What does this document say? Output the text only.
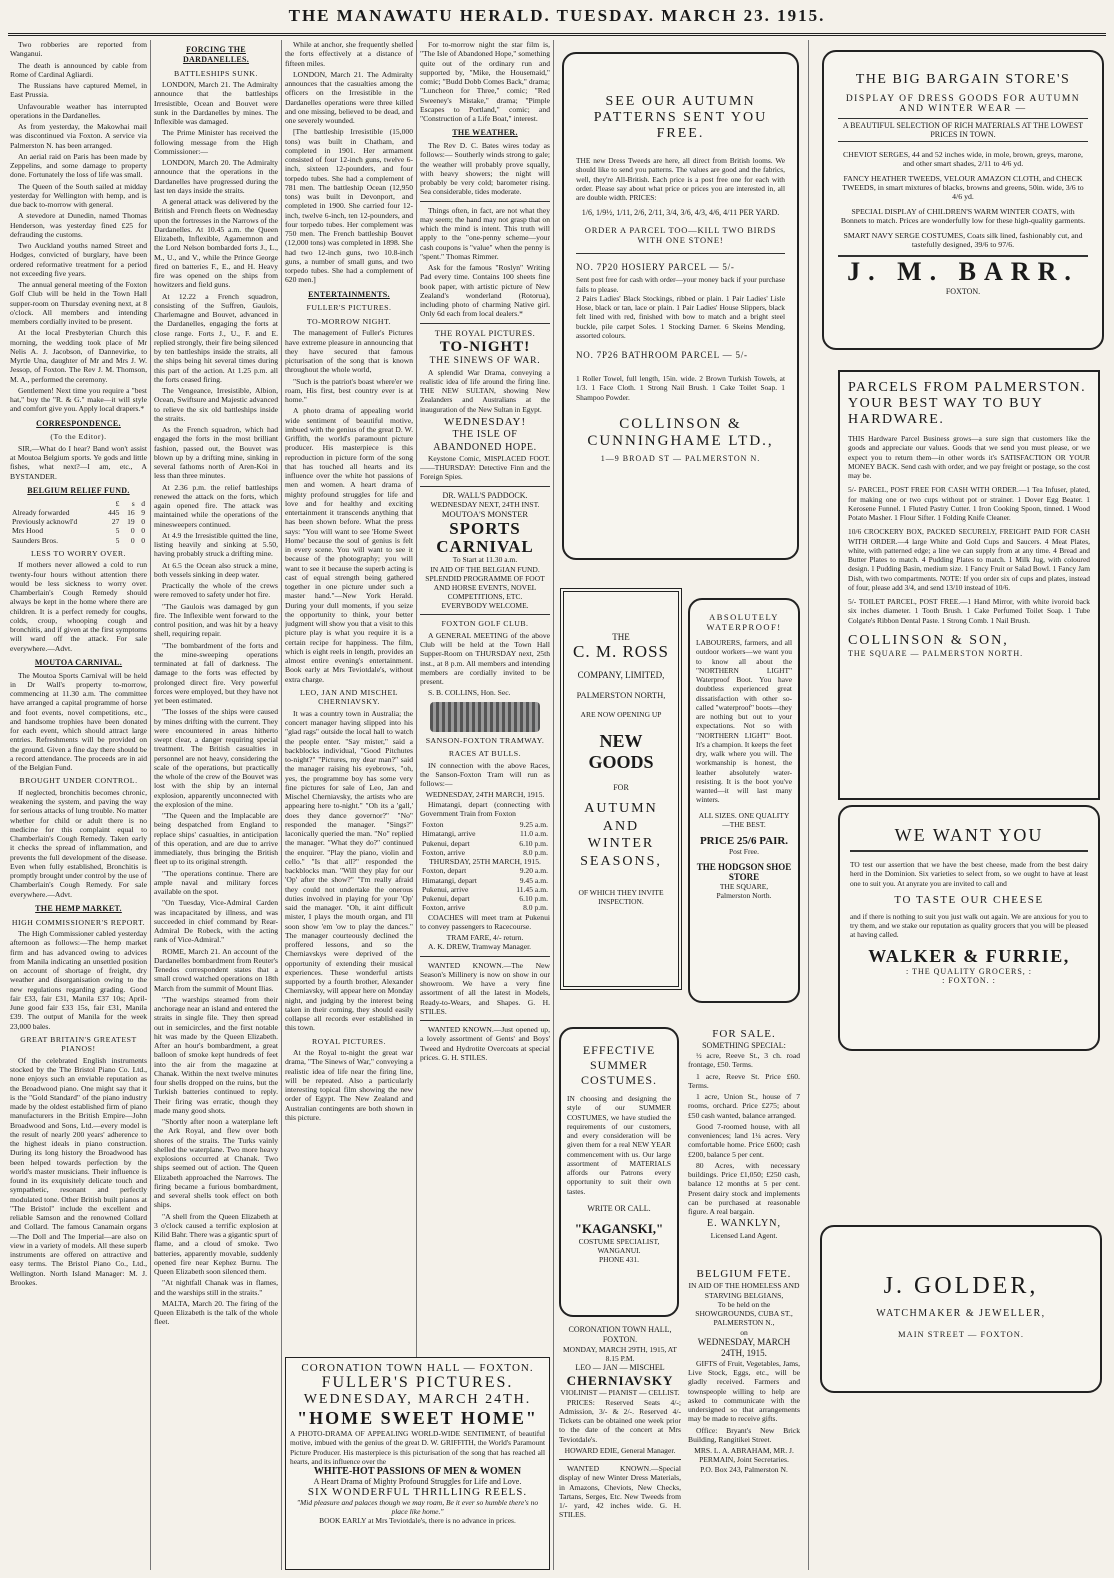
THE MANAWATU HERALD. TUESDAY. MARCH 23. 1915.

Two robberies are reported from Wanganui.

The death is announced by cable from Rome of Cardinal Agliardi.

The Russians have captured Memel, in East Prussia.

Unfavourable weather has interrupted operations in the Dardanelles.

As from yesterday, the Makowhai mail was discontinued via Foxton. A service via Palmerston N. has been arranged.

An aerial raid on Paris has been made by Zeppelins, and some damage to property done. Fortunately the loss of life was small.

The Queen of the South sailed at midday yesterday for Wellington with hemp, and is due back to-morrow with general.

A stevedore at Dunedin, named Thomas Henderson, was yesterday fined £25 for defrauding the customs.

Two Auckland youths named Street and Hodges, convicted of burglary, have been ordered reformative treatment for a period not exceeding five years.

The annual general meeting of the Foxton Golf Club will be held in the Town Hall supper-room on Thursday evening next, at 8 o'clock. All members and intending members cordially invited to be present.

At the local Presbyterian Church this morning, the wedding took place of Mr Nelis A. J. Jacobson, of Dannevirke, to Myrtle Una, daughter of Mr and Mrs J. W. Jessop, of Foxton. The Rev J. M. Thomson, M. A., performed the ceremony.

Gentlemen! Next time you require a "best hat," buy the "R. & G." make—it will style and comfort give you. Apply local drapers.*

CORRESPONDENCE.
(To the Editor).

SIR,—What do I hear? Band won't assist at Moutoa Belgium sports. Ye gods and little fishes, what next?—I am, etc., A BYSTANDER.

BELGIUM RELIEF FUND.
	£	s	d
Already forwarded	445	16	9
Previously acknowl'd	27	19	0
Mrs Hood	5	0	0
Saunders Bros.	5	0	0
LESS TO WORRY OVER.

If mothers never allowed a cold to run twenty-four hours without attention there would be less sickness to worry over. Chamberlain's Cough Remedy should always be kept in the home where there are children. It is a perfect remedy for coughs, colds, croup, whooping cough and bronchitis, and if given at the first symptoms will ward off the attack. For sale everywhere.—Advt.

MOUTOA CARNIVAL.

The Moutoa Sports Carnival will be held in Dr Wall's property to-morrow, commencing at 11.30 a.m. The committee have arranged a capital programme of horse and foot events, novel competitions, etc., and handsome trophies have been donated for each event, which should attract large entries. Refreshments will be provided on the ground. Given a fine day there should be a record attendance. The proceeds are in aid of the Belgian Fund.

BROUGHT UNDER CONTROL.

If neglected, bronchitis becomes chronic, weakening the system, and paving the way for serious attacks of lung trouble. No matter whether for child or adult there is no medicine for this complaint equal to Chamberlain's Cough Remedy. Taken early it checks the spread of inflammation, and prevents the full development of the disease. Even when fully established, Bronchitis is promptly brought under control by the use of Chamberlain's Cough Remedy. For sale everywhere.—Advt.

THE HEMP MARKET.
HIGH COMMISSIONER'S REPORT.

The High Commissioner cabled yesterday afternoon as follows:—The hemp market firm and has advanced owing to advices from Manila indicating an unsettled position on account of shortage of freight, dry weather and disorganisation owing to the new regulations regarding grading. Good fair £33, fair £31, Manila £37 10s; April-June good fair £33 15s, fair £31, Manila £39. The output of Manila for the week 23,000 bales.

GREAT BRITAIN'S GREATEST PIANOS!

Of the celebrated English instruments stocked by the The Bristol Piano Co. Ltd., none enjoys such an enviable reputation as the Broadwood piano. One might say that it is the "Gold Standard" of the piano industry made by the oldest established firm of piano manufacturers in the British Empire—John Broadwood and Sons, Ltd.—every model is the result of nearly 200 years' adherence to the highest ideals in piano construction. During its long history the Broadwood has been helped towards perfection by the world's master musicians. Their influence is found in its exquisitely delicate touch and sympathetic, resonant and perfectly modulated tone. Other British built pianos at "The Bristol" include the excellent and reliable Samson and the renowned Collard and Collard. The famous Canamain organs—The Doll and The Imperial—are also on view in a variety of models. All these superb instruments are offered on attractive and easy terms. The Bristol Piano Co., Ltd., Wellington. North Island Manager: M. J. Brookes.

FORCING THE DARDANELLES.
BATTLESHIPS SUNK.

LONDON, March 21. The Admiralty announce that the battleships Irresistible, Ocean and Bouvet were sunk in the Dardanelles by mines. The Inflexible was damaged.

The Prime Minister has received the following message from the High Commissioner:—

LONDON, March 20. The Admiralty announce that the operations in the Dardanelles have progressed during the last ten days inside the straits.

A general attack was delivered by the British and French fleets on Wednesday upon the fortresses in the Narrows of the Dardanelles. At 10.45 a.m. the Queen Elizabeth, Inflexible, Agamemnon and the Lord Nelson bombarded forts J., L., M., U., and V., while the Prince George fired on batteries F., E., and H. Heavy fire was opened on the ships from howitzers and field guns.

At 12.22 a French squadron, consisting of the Suffren, Gaulois, Charlemagne and Bouvet, advanced in the Dardanelles, engaging the forts at close range. Forts J., U., F. and E. replied strongly, their fire being silenced by ten battleships inside the straits, all the ships being hit several times during this part of the action. At 1.25 p.m. all the forts ceased firing.

The Vengeance, Irresistible, Albion, Ocean, Swiftsure and Majestic advanced to relieve the six old battleships inside the straits.

As the French squadron, which had engaged the forts in the most brilliant fashion, passed out, the Bouvet was blown up by a drifting mine, sinking in several fathoms north of Aren-Koi in less than three minutes.

At 2.36 p.m. the relief battleships renewed the attack on the forts, which again opened fire. The attack was maintained while the operations of the minesweepers continued.

At 4.9 the Irresistible quitted the line, listing heavily and sinking at 5.50, having probably struck a drifting mine.

At 6.5 the Ocean also struck a mine, both vessels sinking in deep water.

Practically the whole of the crews were removed to safety under hot fire.

"The Gaulois was damaged by gun fire. The Inflexible went forward to the control position, and was hit by a heavy shell, requiring repair.

"The bombardment of the forts and the mine-sweeping operations terminated at fall of darkness. The damage to the forts was effected by prolonged direct fire. Very powerful forces were employed, but they have not yet been estimated.

"The losses of the ships were caused by mines drifting with the current. They were encountered in areas hitherto swept clear, a danger requiring special treatment. The British casualties in personnel are not heavy, considering the scale of the operations, but practically the whole of the crew of the Bouvet was lost with the ship by an internal explosion, apparently unconnected with the explosion of the mine.

"The Queen and the Implacable are being despatched from England to replace ships' casualties, in anticipation of this operation, and are due to arrive immediately, thus bringing the British fleet up to its original strength.

"The operations continue. There are ample naval and military forces available on the spot.

"On Tuesday, Vice-Admiral Carden was incapacitated by illness, and was succeeded in chief command by Rear-Admiral De Robeck, with the acting rank of Vice-Admiral."

ROME, March 21. An account of the Dardanelles bombardment from Reuter's Tenedos correspondent states that a small crowd watched operations on 18th March from the summit of Mount Ilias.

"The warships steamed from their anchorage near an island and entered the straits in single file. They then spread out in semicircles, and the first notable hit was made by the Queen Elizabeth. After an hour's bombardment, a great balloon of smoke kept hundreds of feet into the air from the magazine at Chanak. Within the next twelve minutes four shells dropped on the ruins, but the Turkish batteries continued to reply. Their firing was erratic, though they made many good shots.

"Shortly after noon a waterplane left the Ark Royal, and flew over both shores of the straits. The Turks vainly shelled the waterplane. Two more heavy explosions occurred at Chanak. Two ships seemed out of action. The Queen Elizabeth approached the Narrows. The firing became a furious bombardment, and several shells took effect on both ships.

"A shell from the Queen Elizabeth at 3 o'clock caused a terrific explosion at Kilid Bahr. There was a gigantic spurt of flame, and a cloud of smoke. Two batteries, apparently movable, suddenly opened fire near Kephez Burnu. The Queen Elizabeth soon silenced them.

"At nightfall Chanak was in flames, and the warships still in the straits."

MALTA, March 20. The firing of the Queen Elizabeth is the talk of the whole fleet.

While at anchor, she frequently shelled the forts effectively at a distance of fifteen miles.

LONDON, March 21. The Admiralty announces that the casualties among the officers on the Irresistible in the Dardanelles operations were three killed and one missing, believed to be dead, and one severely wounded.

[The battleship Irresistible (15,000 tons) was built in Chatham, and completed in 1901. Her armament consisted of four 12-inch guns, twelve 6-inch, sixteen 12-pounders, and four torpedo tubes. She had a complement of 781 men. The battleship Ocean (12,950 tons) was built in Devonport, and completed in 1900. She carried four 12-inch, twelve 6-inch, ten 12-pounders, and four torpedo tubes. Her complement was 750 men. The French battleship Bouvet (12,000 tons) was completed in 1898. She had two 12-inch guns, two 10.8-inch guns, a number of small guns, and two torpedo tubes. She had a complement of 620 men.]

ENTERTAINMENTS.
FULLER'S PICTURES.
TO-MORROW NIGHT.

The management of Fuller's Pictures have extreme pleasure in announcing that they have secured that famous picturisation of the song that is known throughout the whole world,

"Such is the patriot's boast where'er we roam, His first, best country ever is at home."

A photo drama of appealing world wide sentiment of beautiful motive, imbued with the genius of the great D. W. Griffith, the world's paramount picture producer. His masterpiece is this reproduction in picture form of the song that has touched all hearts and its influence over the white hot passions of men and women. A heart drama of mighty profound struggles for life and love and for healthy and exciting entertainment it transcends anything that has been shown before. What the press says: "You will want to see 'Home Sweet Home' because the soul of genius is felt in every scene. You will want to see it because of the photography; you will want to see it because the superb acting is cast of equal strength being gathered together in one picture under such a master hand."—New York Herald. During your dull moments, if you seize the opportunity to think, your better judgment will show you that a visit to this picture play is what you require it is a certain recipe for happiness. The film, which is eight reels in length, provides an almost entire evening's entertainment. Book early at Mrs Teviotdale's, without extra charge.

LEO, JAN AND MISCHEL CHERNIAVSKY.

It was a country town in Australia; the concert manager having slipped into his "glad rags" outside the local hall to watch the people enter. "Say mister," said a backblocks individual, "Good Pitchutes to-night?" "Pictures, my dear man?" said the manager raising his eyebrows, "oh, yes, the programme boy has some very fine pictures for sale of Leo, Jan and Mischel Cherniavsky, the artists who are appearing here to-night." "Oh its a 'gall,' does they dance governor?" "No" responded the manager. "Sings?" laconically queried the man. "No" replied the manager. "What they do?" continued the enquirer. "Play the piano, violin and cello." "Is that all?" responded the backblocks man. "Will they play for our 'Op' after the show?" "I'm really afraid they could not undertake the onerous duties involved in playing for your 'Op' said the manager. "Oh, it aint difficult mister, I plays the mouth organ, and I'll soon show 'em 'ow to play the dances." The manager courteously declined the proffered lessons, and so the Cherniavskys were deprived of the opportunity of extending their musical experiences. These wonderful artists supported by a fourth brother, Alexander Cherniavsky, will appear here on Monday night, and judging by the interest being taken in their coming, they should easily collapse all records ever established in this town.

ROYAL PICTURES.

At the Royal to-night the great war drama, "The Sinews of War," conveying a realistic idea of life near the firing line, will be repeated. Also a particularly interesting topical film showing the new order of Egypt. The New Zealand and Australian contingents are both shown in this picture.

For to-morrow night the star film is, "The Isle of Abandoned Hope," something quite out of the ordinary run and supported by, "Mike, the Housemaid," comic; "Budd Dobb Comes Back," drama; "Luncheon for Three," comic; "Red Sweeney's Mistake," drama; "Pimple Escapes to Portland," comic; and "Construction of a Life Boat," interest.

THE WEATHER.

The Rev D. C. Bates wires today as follows:— Southerly winds strong to gale; the weather will probably prove squally, with heavy showers; the night will probably be very cold; barometer rising. Sea considerable, tides moderate.

Things often, in fact, are not what they may seem; the hand may not grasp that on which the mind is intent. This truth will apply to the "one-penny scheme—your cash coupons is "value" when the penny is "spent." Thomas Rimmer.

Ask for the famous "Roslyn" Writing Pad every time. Contains 100 sheets fine book paper, with artistic picture of New Zealand's wonderland (Rotorua), including photo of charming Native girl. Only 6d each from local dealers.*

THE ROYAL PICTURES.
TO-NIGHT!
THE SINEWS OF WAR.

A splendid War Drama, conveying a realistic idea of life around the firing line. THE NEW SULTAN, showing New Zealanders and Australians at the inauguration of the New Sultan in Egypt.

WEDNESDAY!
THE ISLE OF ABANDONED HOPE.

Keystone Comic, MISPLACED FOOT.——THURSDAY: Detective Finn and the Foreign Spies.

DR. WALL'S PADDOCK.
WEDNESDAY NEXT, 24TH INST.
MOUTOA'S MONSTER
SPORTS CARNIVAL
To Start at 11.30 a.m.
IN AID OF THE BELGIAN FUND.
SPLENDID PROGRAMME OF FOOT AND HORSE EVENTS, NOVEL COMPETITIONS, ETC.
EVERYBODY WELCOME.
FOXTON GOLF CLUB.

A GENERAL MEETING of the above Club will be held at the Town Hall Supper-Room on THURSDAY next, 25th inst., at 8 p.m. All members and intending members are cordially invited to be present.

S. B. COLLINS, Hon. Sec.

SANSON-FOXTON TRAMWAY.
RACES AT BULLS.

IN connection with the above Races, the Sanson-Foxton Tram will run as follows:—

WEDNESDAY, 24TH MARCH, 1915.

Himatangi, depart (connecting with Government Train from Foxton

Foxton	9.25 a.m.
Himatangi, arrive	11.0 a.m.
Pukenui, depart	6.10 p.m.
Foxton, arrive	8.0 p.m.
THURSDAY, 25TH MARCH, 1915.
Foxton, depart	9.20 a.m.
Himatangi, depart	9.45 a.m.
Pukenui, arrive	11.45 a.m.
Pukenui, depart	6.10 p.m.
Foxton, arrive	8.0 p.m.

COACHES will meet tram at Pukenui to convey passengers to Racecourse.

TRAM FARE, 4/- return.

A. K. DREW, Tramway Manager.

WANTED KNOWN.—The New Season's Millinery is now on show in our showroom. We have a very fine assortment of all the latest in Models, Ready-to-Wears, and Shapes. G. H. STILES.

WANTED KNOWN.—Just opened up, a lovely assortment of Gents' and Boys' Tweed and Hydrotite Overcoats at special prices. G. H. STILES.

CORONATION TOWN HALL — FOXTON.
FULLER'S PICTURES.
WEDNESDAY, MARCH 24TH.
"HOME SWEET HOME"

A PHOTO-DRAMA OF APPEALING WORLD-WIDE SENTIMENT, of beautiful motive, imbued with the genius of the great D. W. GRIFFITH, the World's Paramount Picture Producer. His masterpiece is this picturisation of the song that has reached all hearts, and its influence over the

WHITE-HOT PASSIONS OF MEN & WOMEN
A Heart Drama of Mighty Profound Struggles for Life and Love.
SIX WONDERFUL THRILLING REELS.
"Mid pleasure and palaces though we may roam, Be it ever so humble there's no place like home."
BOOK EARLY at Mrs Teviotdale's, there is no advance in prices.
SEE OUR AUTUMN PATTERNS SENT YOU FREE.

THE new Dress Tweeds are here, all direct from British looms. We should like to send you patterns. The values are good and the fabrics, well, they're All-British. Each price is a post free one for each with order. Please say about what price or prices you are interested in, all are double width. PRICES:

1/6, 1/9½, 1/11, 2/6, 2/11, 3/4, 3/6, 4/3, 4/6, 4/11 PER YARD.
ORDER A PARCEL TOO—KILL TWO BIRDS WITH ONE STONE!
NO. 7P20 HOSIERY PARCEL — 5/-

Sent post free for cash with order—your money back if your purchase fails to please.

2 Pairs Ladies' Black Stockings, ribbed or plain. 1 Pair Ladies' Lisle Hose, black or tan, lace or plain. 1 Pair Ladies' House Slippers, black felt lined with red, finished with bow to match and a bright steel buckle, pile carpet Soles. 1 Stocking Darner. 6 Skeins Mending, assorted colours.

NO. 7P26 BATHROOM PARCEL — 5/-

1 Roller Towel, full length, 15in. wide. 2 Brown Turkish Towels, at 1/3. 1 Face Cloth. 1 Strong Nail Brush. 1 Cake Toilet Soap. 1 Shampoo Powder.

COLLINSON & CUNNINGHAME LTD.,
1—9 BROAD ST — PALMERSTON N.
THE
C. M. ROSS
COMPANY, LIMITED,
PALMERSTON NORTH,
ARE NOW OPENING UP
NEW GOODS
FOR
AUTUMN AND WINTER SEASONS,
OF WHICH THEY INVITE INSPECTION.
ABSOLUTELY WATERPROOF!

LABOURERS, farmers, and all outdoor workers—we want you to know all about the "NORTHERN LIGHT" Waterproof Boot. You have doubtless experienced great dissatisfaction with other so-called "waterproof" boots—they are nothing but out to your expectations. Not so with "NORTHERN LIGHT" Boot. It's a champion. It keeps the feet dry, walk where you will. The workmanship is honest, the leather absolutely water-resisting. It is the boot you've wanted—it will last many winters.

ALL SIZES. ONE QUALITY—THE BEST.
PRICE 25/6 PAIR.
Post Free.
THE HODGSON SHOE STORE
THE SQUARE,
Palmerston North.
EFFECTIVE SUMMER COSTUMES.

IN choosing and designing the style of our SUMMER COSTUMES, we have studied the requirements of our customers, and every consideration will be given them for a real NEW YEAR commencement with us. Our large assortment of MATERIALS affords our Patrons every opportunity to suit their own tastes.

WRITE OR CALL.
"KAGANSKI,"
COSTUME SPECIALIST, WANGANUI.
PHONE 431.
CORONATION TOWN HALL, FOXTON.
MONDAY, MARCH 29TH, 1915, AT 8.15 P.M.
LEO — JAN — MISCHEL
CHERNIAVSKY
VIOLINIST — PIANIST — CELLIST.

PRICES: Reserved Seats 4/-; Admission, 3/- & 2/-. Reserved 4/- Tickets can be obtained one week prior to the date of the concert at Mrs Teviotdale's.

HOWARD EDIE, General Manager.

WANTED KNOWN.—Special display of new Winter Dress Materials, in Amazons, Cheviots, New Checks, Tartans, Serges, Etc. New Tweeds from 1/- yard, 42 inches wide. G. H. STILES.

THE BIG BARGAIN STORE'S
DISPLAY OF DRESS GOODS FOR AUTUMN AND WINTER WEAR —
A BEAUTIFUL SELECTION OF RICH MATERIALS AT THE LOWEST PRICES IN TOWN.
CHEVIOT SERGES, 44 and 52 inches wide, in mole, brown, greys, marone, and other smart shades, 2/11 to 4/6 yd.
FANCY HEATHER TWEEDS, VELOUR AMAZON CLOTH, and CHECK TWEEDS, in smart mixtures of blacks, browns and greens, 50in. wide, 3/6 to 4/6 yd.
SPECIAL DISPLAY of CHILDREN'S WARM WINTER COATS, with Bonnets to match. Prices are wonderfully low for these high-quality garments.
SMART NAVY SERGE COSTUMES, Coats silk lined, fashionably cut, and tastefully designed, 39/6 to 97/6.
J. M. BARR.
FOXTON.
PARCELS FROM PALMERSTON.
YOUR BEST WAY TO BUY HARDWARE.

THIS Hardware Parcel Business grows—a sure sign that customers like the goods and appreciate our values. Goods that we send you must please, or we expect you to return them—in other words it's SATISFACTION OR YOUR MONEY BACK. Send cash with order, and we pay freight or postage, so the cost may be.

5/- PARCEL, POST FREE FOR CASH WITH ORDER.—1 Tea Infuser, plated, for making one or two cups without pot or strainer. 1 Dover Egg Beater. 1 Kerosene Funnel. 1 Fluted Pastry Cutter. 1 Iron Cooking Spoon, tinned. 1 Wood Potato Masher. 1 Flour Sifter. 1 Folding Knife Cleaner.

10/6 CROCKERY BOX, PACKED SECURELY, FREIGHT PAID FOR CASH WITH ORDER.—4 large White and Gold Cups and Saucers. 4 Meat Plates, white, with patterned edge; a line we can supply from at any time. 4 Bread and Butter Plates to match. 4 Pudding Plates to match. 1 Milk Jug, with coloured design. 1 Pudding Basin, medium size. 1 Fancy Fruit or Salad Bowl. 1 Fancy Jam Dish, with two compartments. NOTE: If you order six of cups and plates, instead of four, please add 3/4, and send 13/10 instead of 10/6.

5/- TOILET PARCEL, POST FREE.—1 Hand Mirror, with white ivoroid back six inches diameter. 1 Tooth Brush. 1 Cake Perfumed Toilet Soap. 1 Tube Colgate's Ribbon Dental Paste. 1 Strong Comb. 1 Nail Brush.

COLLINSON & SON,
THE SQUARE — PALMERSTON NORTH.
WE WANT YOU

TO test our assertion that we have the best cheese, made from the best dairy herd in the Dominion. Six varieties to select from, so we ought to have at least one to suit you. At anyrate you are invited to call and

TO TASTE OUR CHEESE

and if there is nothing to suit you just walk out again. We are anxious for you to try them, and we stake our reputation as quality grocers that you will be pleased at having called.

WALKER & FURRIE,
: THE QUALITY GROCERS, :
: FOXTON. :
FOR SALE.
SOMETHING SPECIAL:

½ acre, Reeve St., 3 ch. road frontage, £50. Terms.

1 acre, Reeve St. Price £60. Terms.

1 acre, Union St., house of 7 rooms, orchard. Price £275; about £50 cash wanted, balance arranged.

Good 7-roomed house, with all conveniences; land 1¼ acres. Very comfortable home. Price £600; cash £200, balance 5 per cent.

80 Acres, with necessary buildings. Price £1,050; £250 cash, balance 12 months at 5 per cent. Present dairy stock and implements can be purchased at reasonable figure. A real bargain.

E. WANKLYN,
Licensed Land Agent.
J. GOLDER,
WATCHMAKER & JEWELLER,
MAIN STREET — FOXTON.
BELGIUM FETE.
IN AID OF THE HOMELESS AND STARVING BELGIANS,
To be held on the
SHOWGROUNDS, CUBA ST., PALMERSTON N.,
on
WEDNESDAY, MARCH 24TH, 1915.

GIFTS of Fruit, Vegetables, Jams, Live Stock, Eggs, etc., will be gladly received. Farmers and townspeople willing to help are asked to communicate with the undersigned so that arrangements may be made to receive gifts.

Office: Bryant's New Brick Building, Rangitikei Street.

MRS. L. A. ABRAHAM, MR. J. PERMAIN, Joint Secretaries.
P.O. Box 243, Palmerston N.
